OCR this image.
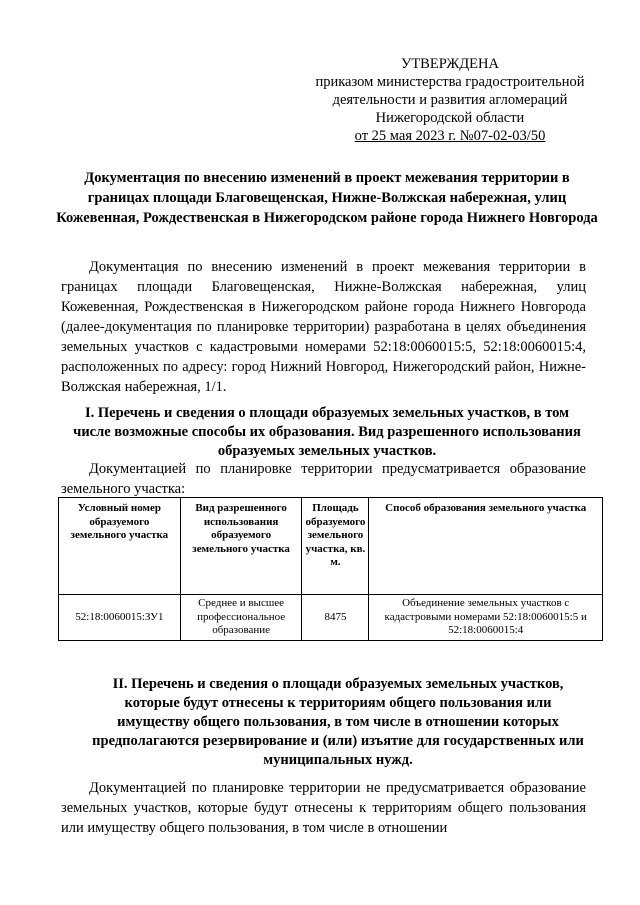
УТВЕРЖДЕНА
приказом министерства градостроительной
деятельности и развития агломераций
Нижегородской области
от 25 мая 2023 г. №07-02-03/50
Документация по внесению изменений в проект межевания территории в границах площади Благовещенская, Нижне-Волжская набережная, улиц Кожевенная, Рождественская в Нижегородском районе города Нижнего Новгорода
Документация по внесению изменений в проект межевания территории в границах площади Благовещенская, Нижне-Волжская набережная, улиц Кожевенная, Рождественская в Нижегородском районе города Нижнего Новгорода (далее-документация по планировке территории) разработана в целях объединения земельных участков с кадастровыми номерами 52:18:0060015:5, 52:18:0060015:4, расположенных по адресу: город Нижний Новгород, Нижегородский район, Нижне-Волжская набережная, 1/1.
I. Перечень и сведения о площади образуемых земельных участков, в том числе возможные способы их образования. Вид разрешенного использования образуемых земельных участков.
Документацией по планировке территории предусматривается образование земельного участка:
Условный номер образуемого земельного участка	Вид разрешенного использования образуемого земельного участка	Площадь образуемого земельного участка, кв. м.	Способ образования земельного участка
52:18:0060015:ЗУ1	Среднее и высшее профессиональное образование	8475	Объединение земельных участков с кадастровыми номерами 52:18:0060015:5 и 52:18:0060015:4
II. Перечень и сведения о площади образуемых земельных участков, которые будут отнесены к территориям общего пользования или имуществу общего пользования, в том числе в отношении которых предполагаются резервирование и (или) изъятие для государственных или муниципальных нужд.
Документацией по планировке территории не предусматривается образование земельных участков, которые будут отнесены к территориям общего пользования или имуществу общего пользования, в том числе в отношении
